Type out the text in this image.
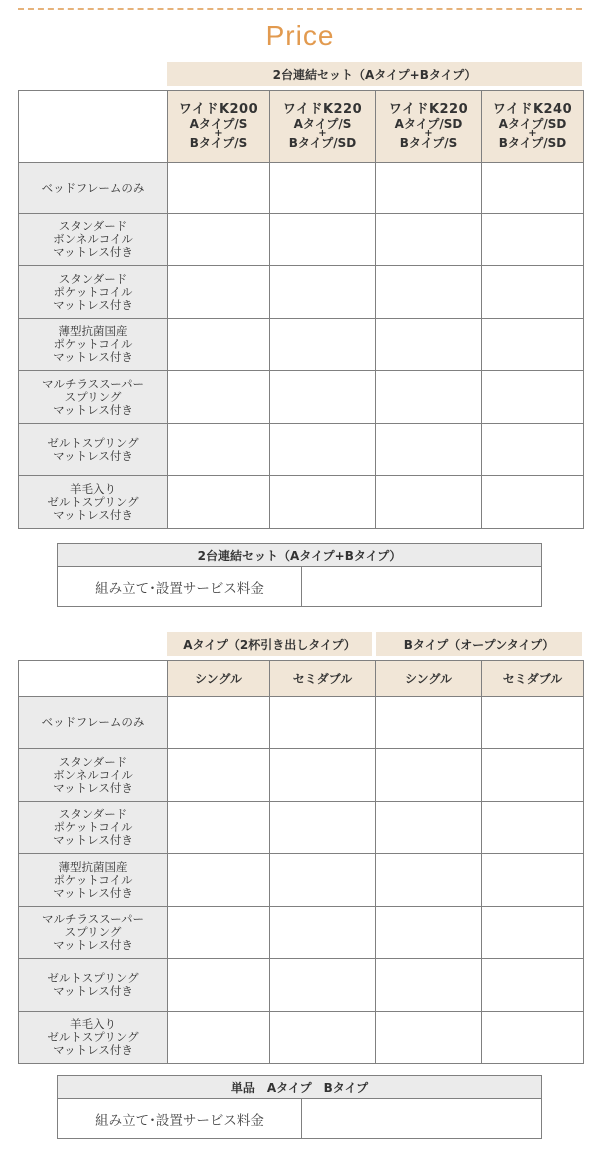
Price
2台連結セット（Aタイプ+Bタイプ）

	ワイドK200
Aタイプ/S
+
Bタイプ/S	ワイドK220
Aタイプ/S
+
Bタイプ/SD	ワイドK220
Aタイプ/SD
+
Bタイプ/S	ワイドK240
Aタイプ/SD
+
Bタイプ/SD

ベッドフレームのみ				

スタンダード
ボンネルコイル
マットレス付き				

スタンダード
ポケットコイル
マットレス付き				

薄型抗菌国産
ポケットコイル
マットレス付き				

マルチラススーパー
スプリング
マットレス付き				

ゼルトスプリング
マットレス付き				

羊毛入り
ゼルトスプリング
マットレス付き				

2台連結セット（Aタイプ+Bタイプ）
組み立て･設置サービス料金
Aタイプ（2杯引き出しタイプ）	Bタイプ（オープンタイプ）
	シングル	セミダブル	シングル	セミダブル

ベッドフレームのみ				

スタンダード
ボンネルコイル
マットレス付き				

スタンダード
ポケットコイル
マットレス付き				

薄型抗菌国産
ポケットコイル
マットレス付き				

マルチラススーパー
スプリング
マットレス付き				

ゼルトスプリング
マットレス付き				

羊毛入り
ゼルトスプリング
マットレス付き				

単品　Aタイプ　Bタイプ
組み立て･設置サービス料金
